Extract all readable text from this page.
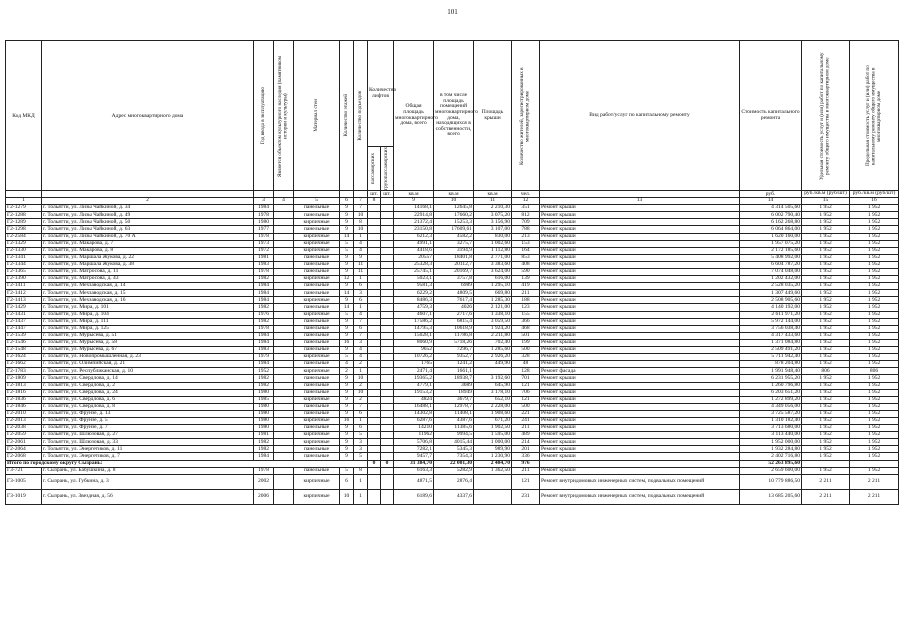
101
Код МКД	Адрес многоквартирного дома	Год ввода в эксплуатацию	Является объектом культурного наследия (памятником истории и культуры)	Материал стен	Количество этажей	Количество подъездов	Количество лифтов		Общая площадь многоквартирного дома, всего	в том числе площадь помещений многоквартирного дома, находящихся в собственности, всего	Площадь крыши	Количество жителей, зарегистрированных в многоквартирном доме	Вид работ/услуг по капитальному ремонту	Стоимость капитального ремонта	Удельная стоимость услуг и (или) работ по капитальному ремонту общего имущества в многоквартирном доме	Предельная стоимость услуг и (или) работ по капитальному ремонту общего имущества в многоквартирном доме

							пассажирских	грузопассажирских								

							шт.	шт.	кв.м	кв.м	кв.м	чел.		руб.	руб./кв.м (руб/шт)	руб./кв.м (руб/шт)
1	2	3	4	5	6	7	8		9	10	11	12	13	14	15	16
Г2-1279	г. Тольятти, ул. Лизы Чайкиной, д. 34	1984		панельные	9	7			14168,1	12645,8	2 210,30	351	Ремонт крыши	4 314 505,60	1 952	1 952
Г2-1288	г. Тольятти, ул. Лизы Чайкиной, д. 49	1978		панельные	9	10			22914,8	17660,2	3 075,20	812	Ремонт крыши	6 002 790,40	1 952	1 952
Г2-1289	г. Тольятти, ул. Лизы Чайкиной, д. 50	1980		кирпичные	9	8			21372,4	15253,3	3 156,90	709	Ремонт крыши	6 162 268,80	1 952	1 952
Г2-1298	г. Тольятти, ул. Лизы Чайкиной, д. 63	1977		панельные	9	10			23150,8	17609,61	3 107,00	788	Ремонт крыши	6 064 864,00	1 952	1 952
Г2-2584	г. Тольятти, ул. Лизы Чайкиной, д. 70 А	1978		кирпичные	14	1			6212,3	4582,2	830,00	213	Ремонт крыши	1 620 160,00	1 952	1 952
Г2-1329	г. Тольятти, ул. Макарова, д. 7	1973		кирпичные	5	4			4991,1	3275,7	1 002,60	153	Ремонт крыши	1 957 075,20	1 952	1 952
Г2-1330	г. Тольятти, ул. Макарова, д. 8	1972		кирпичные	5	4			4418,6	3194,9	1 112,80	164	Ремонт крыши	2 172 185,60	1 952	1 952
Г2-1341	г. Тольятти, ул. Маршала Жукова, д. 22	1981		панельные	9	9			20557	18401,8	2 771,00	853	Ремонт крыши	5 408 992,00	1 952	1 952
Г2-1344	г. Тольятти, ул. Маршала Жукова, д. 38	1983		панельные	9	11			25328,3	20112,7	3 383,60	408	Ремонт крыши	6 604 787,20	1 952	1 952
Г2-1365	г. Тольятти, ул. Матросова, д. 11	1978		панельные	9	11			25745,1	20169,7	3 624,00	590	Ремонт крыши	7 074 048,00	1 952	1 952
Г2-1390	г. Тольятти, ул. Матросова, д. 43	1982		кирпичные	12	1			5023,1	3757,8	616,00	139	Ремонт крыши	1 202 432,00	1 952	1 952
Г2-1411	г. Тольятти, ул. Мехзаводская, д. 14	1984		панельные	9	6			9581,3	6989	1 295,10	419	Ремонт крыши	2 528 035,20	1 952	1 952
Г2-1412	г. Тольятти, ул. Мехзаводская, д. 15	1984		панельные	14	3			6229,2	4809,5	669,80	211	Ремонт крыши	1 307 449,60	1 952	1 952
Г2-1413	г. Тольятти, ул. Мехзаводская, д. 16	1984		кирпичные	9	6			8486,3	7617,4	1 285,30	188	Ремонт крыши	2 508 905,60	1 952	1 952
Г2-1429	г. Тольятти, ул. Мира, д. 101	1982		панельные	14	1			4759,3	4026	2 121,00	123	Ремонт крыши	4 140 192,00	1 952	1 952
Г2-1431	г. Тольятти, ул. Мира, д. 104	1976		кирпичные	5	4			4607,1	2717,6	1 338,10	155	Ремонт крыши	2 611 971,20	1 952	1 952
Г2-1437	г. Тольятти, ул. Мира, д. 111	1982		панельные	9	7			17586,2	6815,4	3 059,50	366	Ремонт крыши	5 972 144,00	1 952	1 952
Г2-1447	г. Тольятти, ул. Мира, д. 125	1978		панельные	9	6			14795,3	10618,9	1 924,20	468	Ремонт крыши	3 756 038,40	1 952	1 952
Г2-1539	г. Тольятти, ул. Мурысева, д. 51	1984		панельные	9	7			15028,1	11786,8	2 211,80	501	Ремонт крыши	4 317 433,60	1 952	1 952
Г2-1546	г. Тольятти, ул. Мурысева, д. 58	1984		панельные	16	3			8060,9	5718,26	702,40	199	Ремонт крыши	1 371 084,80	1 952	1 952
Г2-1548	г. Тольятти, ул. Мурысева, д. 67	1983		панельные	9	4			9652	7296,7	1 285,60	500	Ремонт крыши	2 509 491,20	1 952	1 952
Г2-1624	г. Тольятти, ул. Новопромышленная, д. 23	1979		кирпичные	5	4			10726,2	9352,7	2 926,20	328	Ремонт крыши	5 711 942,40	1 952	1 952
Г2-1662	г. Тольятти, ул. Олимпийская, д. 21	1984		панельные	4	2			1765	1241,2	449,90	48	Ремонт крыши	878 204,80	1 952	1 952
Г2-1783	г. Тольятти, ул. Республиканская, д. 10	1952		кирпичные	2	1			2471,4	1661,1		128	Ремонт фасада	1 991 948,40	806	806
Г2-1809	г. Тольятти, ул. Свердлова, д. 14	1982		панельные	9	10			19365,2	18938,7	3 192,60	701	Ремонт крыши	6 231 955,20	1 952	1 952
Г2-1813	г. Тольятти, ул. Свердлова, д. 2	1982		панельные	9	2			4779,1	3689	645,90	121	Ремонт крыши	1 260 796,80	1 952	1 952
Г2-1816	г. Тольятти, ул. Свердлова, д. 24	1980		панельные	9	10			19153,2	18949	3 178,10	706	Ремонт крыши	6 203 651,20	1 952	1 952
Г2-1836	г. Тольятти, ул. Свердлова, д. 6	1985		кирпичные	9	2			4824	3679,7	652,10	121	Ремонт крыши	1 272 899,20	1 952	1 952
Г2-1846	г. Тольятти, ул. Свердлова, д. 8	1980		панельные	9	7			16488,1	12978,7	2 228,00	500	Ремонт крыши	4 349 056,00	1 952	1 952
Г2-2010	г. Тольятти, ул. Фрунзе, д. 13	1980		панельные	9	6			14302,8	11408,1	1 908,60	221	Ремонт крыши	3 725 587,20	1 952	1 952
Г2-2013	г. Тольятти, ул. Фрунзе, д. 5	1980		кирпичные	16	1			6287,6	4387,6	671,20	241	Ремонт крыши	1 310 182,40	1 952	1 952
Г2-2038	г. Тольятти, ул. Фрунзе, д. 7	1980		панельные	9	6			14210	11385,6	1 902,50	211	Ремонт крыши	3 713 680,00	1 952	1 952
Г2-2059	г. Тольятти, ул. Шлюзовая, д. 27	1981		кирпичные	9	5			11962	9994,5	1 595,00	489	Ремонт крыши	3 113 440,00	1 952	1 952
Г2-2061	г. Тольятти, ул. Шлюзовая, д. 33	1982		кирпичные	9	3			5706,8	4015,44	1 000,00	214	Ремонт крыши	1 952 000,00	1 952	1 952
Г2-2064	г. Тольятти, ул. Энергетиков, д. 11	1982		панельные	9	3			7282,1	5345,3	989,90	201	Ремонт крыши	1 932 284,80	1 952	1 952
Г2-2068	г. Тольятти, ул. Энергетиков, д. 7	1984		панельные	9	5			9457,7	7354,3	1 230,90	336	Ремонт крыши	2 402 716,80	1 952	1 952
Итого по городскому округу Сызрань:							0	0	31 384,70	22 001,30	2 404,70	976		52 263 895,60		
Г3-721	г. Сызрань, ул. Бабушкина, д. 8	1978		панельные	5	8			6163,3	5282,9	1 362,50	211	Ремонт крыши	2 659 600,00	1 952	1 952
Г3-1005	г. Сызрань, ул. Губкина, д. 3	2002		кирпичные	6	1			4871,5	2876,4		121	Ремонт внутридомовых инженерных систем, подвальных помещений	10 779 886,50	2 211	2 211
Г3-1019	г. Сызрань, ул. Звездная, д. 56	2006		кирпичные	10	1			6189,6	4337,6		231	Ремонт внутридомовых инженерных систем, подвальных помещений	13 685 205,60	2 211	2 211
